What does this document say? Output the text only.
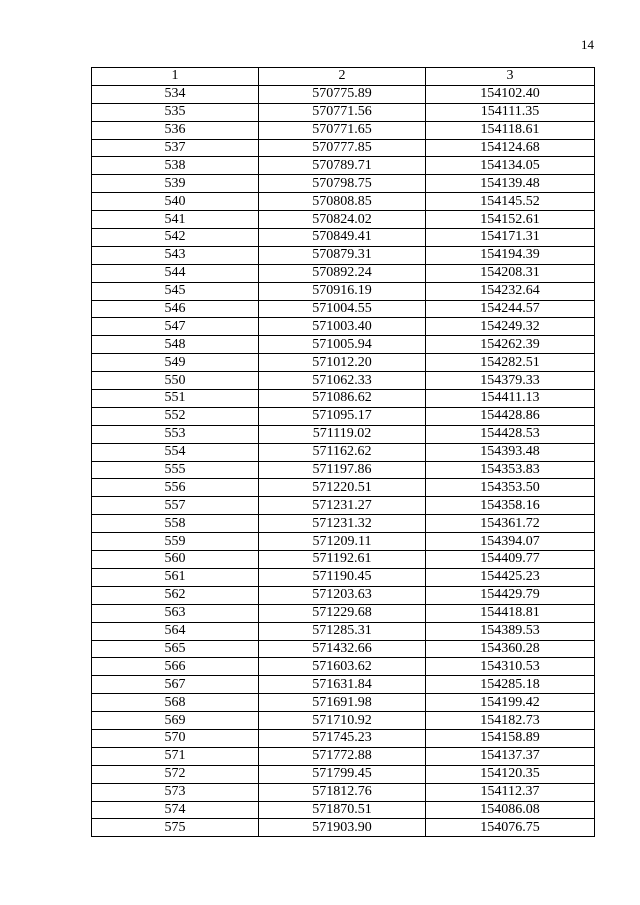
14
1	2	3
534	570775.89	154102.40
535	570771.56	154111.35
536	570771.65	154118.61
537	570777.85	154124.68
538	570789.71	154134.05
539	570798.75	154139.48
540	570808.85	154145.52
541	570824.02	154152.61
542	570849.41	154171.31
543	570879.31	154194.39
544	570892.24	154208.31
545	570916.19	154232.64
546	571004.55	154244.57
547	571003.40	154249.32
548	571005.94	154262.39
549	571012.20	154282.51
550	571062.33	154379.33
551	571086.62	154411.13
552	571095.17	154428.86
553	571119.02	154428.53
554	571162.62	154393.48
555	571197.86	154353.83
556	571220.51	154353.50
557	571231.27	154358.16
558	571231.32	154361.72
559	571209.11	154394.07
560	571192.61	154409.77
561	571190.45	154425.23
562	571203.63	154429.79
563	571229.68	154418.81
564	571285.31	154389.53
565	571432.66	154360.28
566	571603.62	154310.53
567	571631.84	154285.18
568	571691.98	154199.42
569	571710.92	154182.73
570	571745.23	154158.89
571	571772.88	154137.37
572	571799.45	154120.35
573	571812.76	154112.37
574	571870.51	154086.08
575	571903.90	154076.75
